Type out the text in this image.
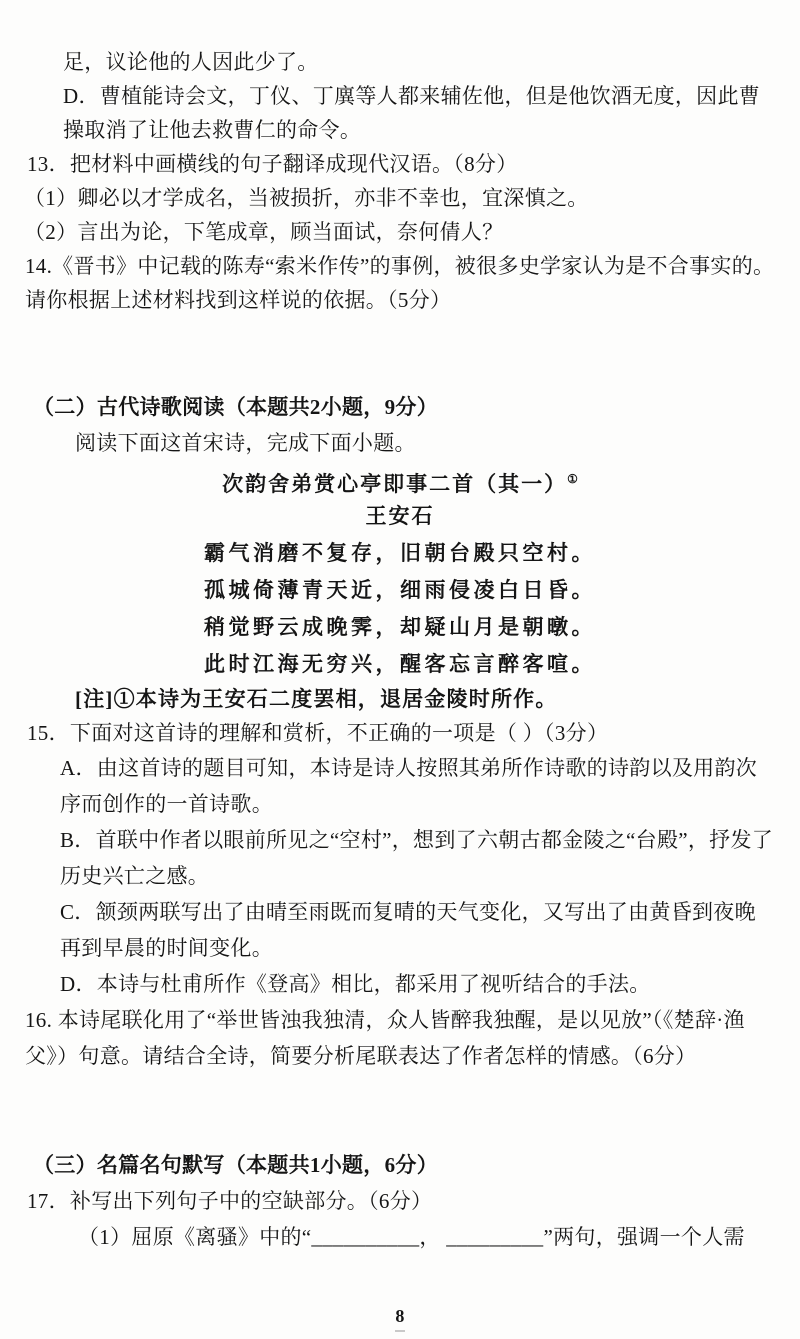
足，议论他的人因此少了。
D．曹植能诗会文，丁仪、丁廙等人都来辅佐他，但是他饮酒无度，因此曹
操取消了让他去救曹仁的命令。
13．把材料中画横线的句子翻译成现代汉语。（8分）
（1）卿必以才学成名，当被损折，亦非不幸也，宜深慎之。
（2）言出为论，下笔成章，顾当面试，奈何倩人？
14.《晋书》中记载的陈寿“索米作传”的事例，被很多史学家认为是不合事实的。
请你根据上述材料找到这样说的依据。（5分）
（二）古代诗歌阅读（本题共2小题，9分）
阅读下面这首宋诗，完成下面小题。
次韵舍弟赏心亭即事二首（其一）①
王安石
霸气消磨不复存，旧朝台殿只空村。
孤城倚薄青天近，细雨侵凌白日昏。
稍觉野云成晚霁，却疑山月是朝暾。
此时江海无穷兴，醒客忘言醉客喧。
[注]①本诗为王安石二度罢相，退居金陵时所作。
15．下面对这首诗的理解和赏析，不正确的一项是（ ）（3分）
A．由这首诗的题目可知，本诗是诗人按照其弟所作诗歌的诗韵以及用韵次
序而创作的一首诗歌。
B．首联中作者以眼前所见之“空村”，想到了六朝古都金陵之“台殿”，抒发了
历史兴亡之感。
C．颔颈两联写出了由晴至雨既而复晴的天气变化，又写出了由黄昏到夜晚
再到早晨的时间变化。
D．本诗与杜甫所作《登高》相比，都采用了视听结合的手法。
16. 本诗尾联化用了“举世皆浊我独清，众人皆醉我独醒，是以见放”（《楚辞·渔
父》）句意。请结合全诗，简要分析尾联表达了作者怎样的情感。（6分）
（三）名篇名句默写（本题共1小题，6分）
17．补写出下列句子中的空缺部分。（6分）
（1）屈原《离骚》中的“__________， _________”两句，强调一个人需
8
